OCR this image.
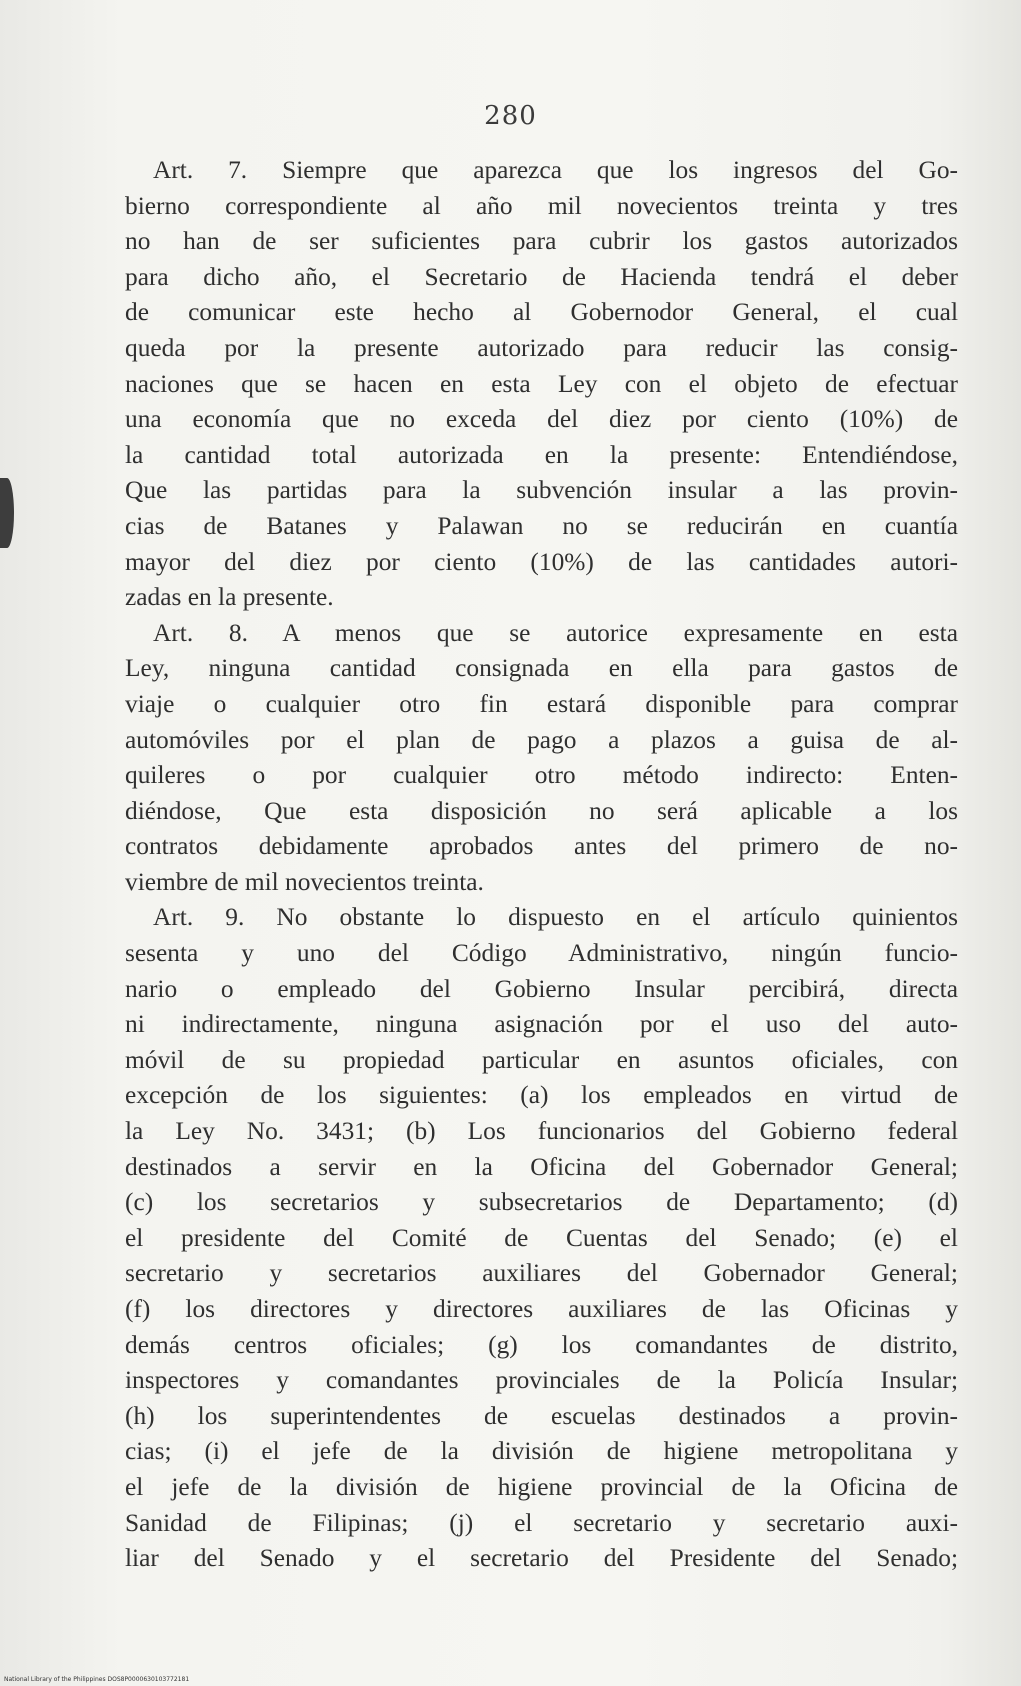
280
Art. 7. Siempre que aparezca que los ingresos del Go-
bierno correspondiente al año mil novecientos treinta y tres
no han de ser suficientes para cubrir los gastos autorizados
para dicho año, el Secretario de Hacienda tendrá el deber
de comunicar este hecho al Gobernodor General, el cual
queda por la presente autorizado para reducir las consig-
naciones que se hacen en esta Ley con el objeto de efectuar
una economía que no exceda del diez por ciento (10%) de
la cantidad total autorizada en la presente: Entendiéndose,
Que las partidas para la subvención insular a las provin-
cias de Batanes y Palawan no se reducirán en cuantía
mayor del diez por ciento (10%) de las cantidades autori-
zadas en la presente.
Art. 8. A menos que se autorice expresamente en esta
Ley, ninguna cantidad consignada en ella para gastos de
viaje o cualquier otro fin estará disponible para comprar
automóviles por el plan de pago a plazos a guisa de al-
quileres o por cualquier otro método indirecto: Enten-
diéndose, Que esta disposición no será aplicable a los
contratos debidamente aprobados antes del primero de no-
viembre de mil novecientos treinta.
Art. 9. No obstante lo dispuesto en el artículo quinientos
sesenta y uno del Código Administrativo, ningún funcio-
nario o empleado del Gobierno Insular percibirá, directa
ni indirectamente, ninguna asignación por el uso del auto-
móvil de su propiedad particular en asuntos oficiales, con
excepción de los siguientes: (a) los empleados en virtud de
la Ley No. 3431; (b) Los funcionarios del Gobierno federal
destinados a servir en la Oficina del Gobernador General;
(c) los secretarios y subsecretarios de Departamento; (d)
el presidente del Comité de Cuentas del Senado; (e) el
secretario y secretarios auxiliares del Gobernador General;
(f) los directores y directores auxiliares de las Oficinas y
demás centros oficiales; (g) los comandantes de distrito,
inspectores y comandantes provinciales de la Policía Insular;
(h) los superintendentes de escuelas destinados a provin-
cias; (i) el jefe de la división de higiene metropolitana y
el jefe de la división de higiene provincial de la Oficina de
Sanidad de Filipinas; (j) el secretario y secretario auxi-
liar del Senado y el secretario del Presidente del Senado;
National Library of the Philippines DOS8P0000630103772181
